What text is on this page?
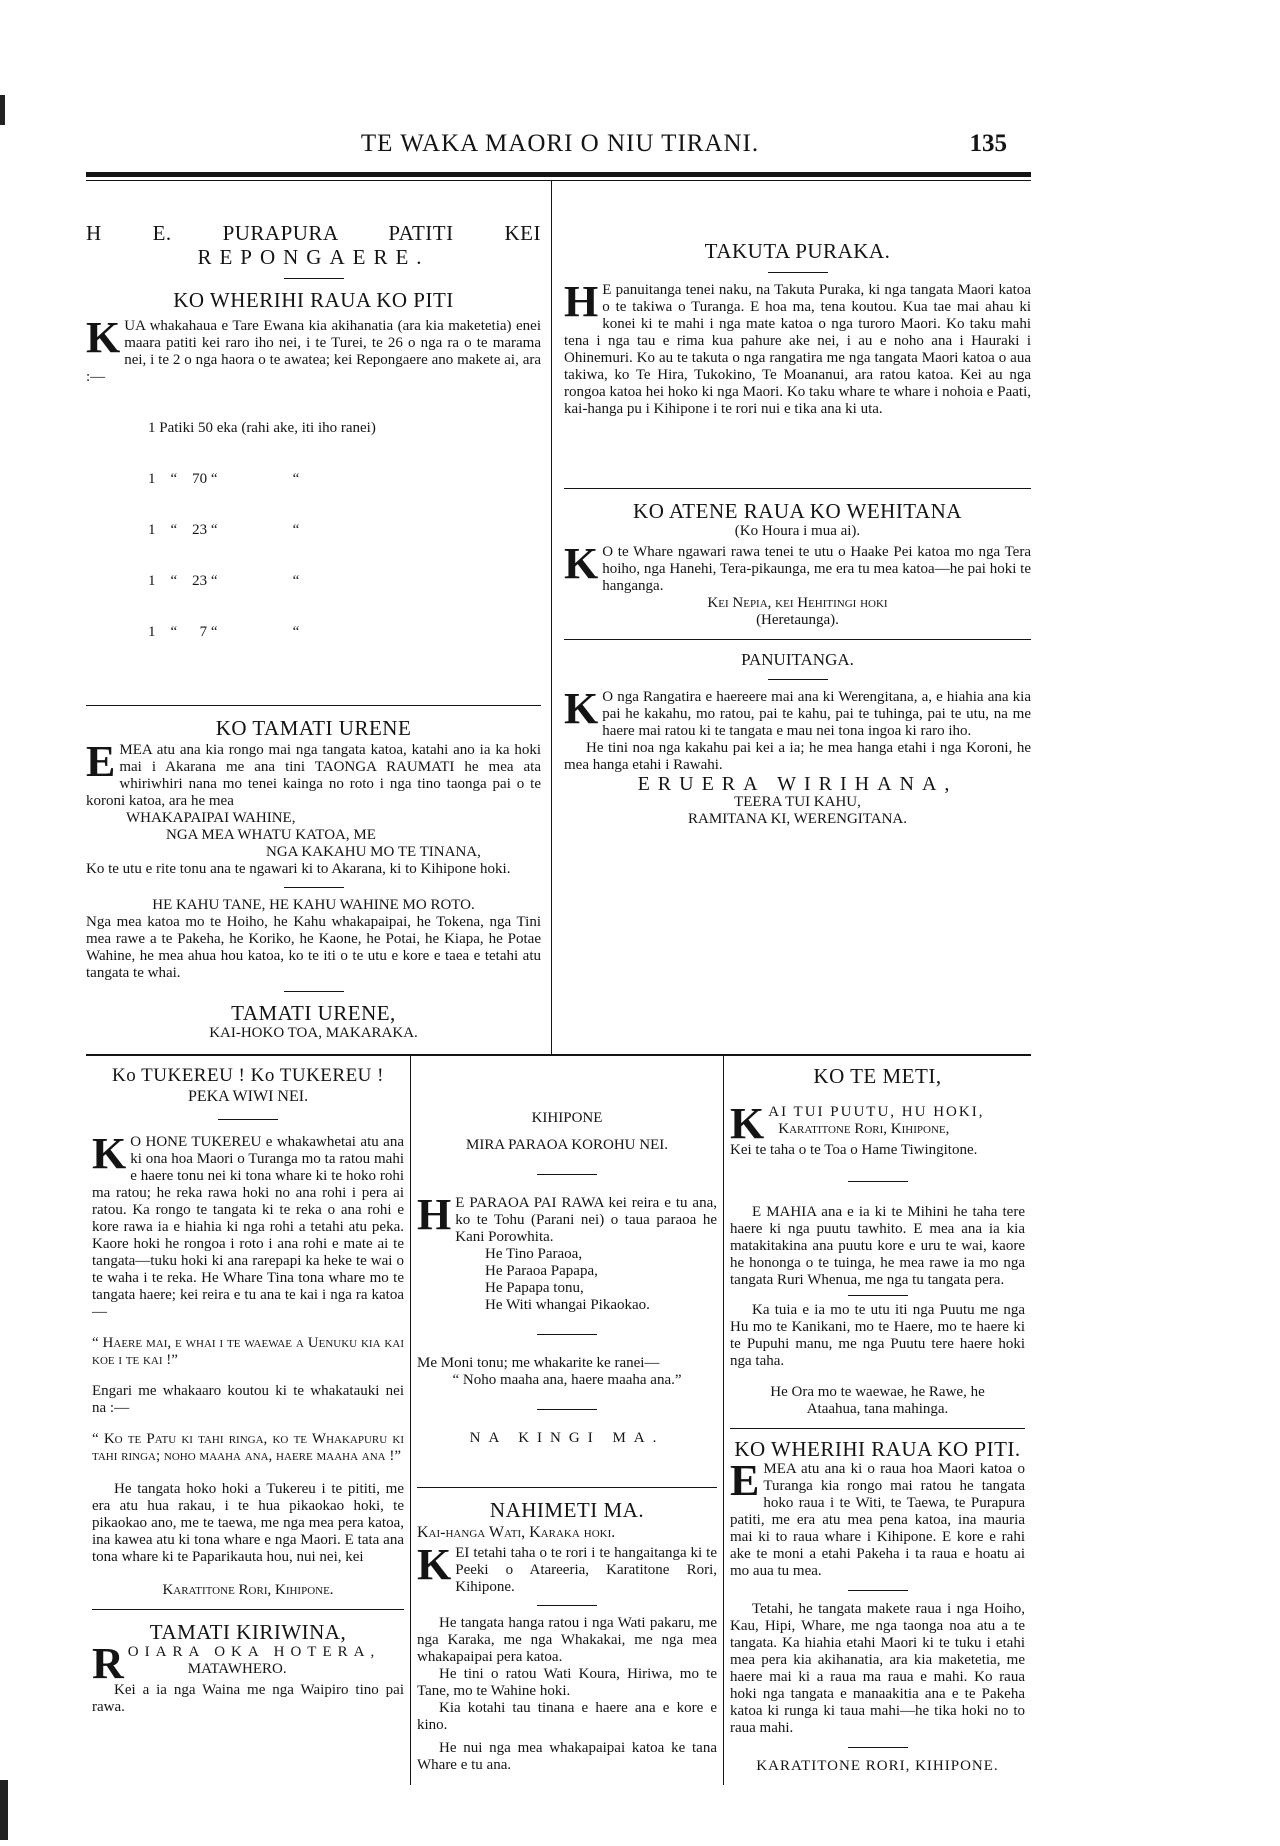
TE WAKA MAORI O NIU TIRANI.	135
H E. PURAPURA PATITI KEI
REPONGAERE.
KO WHERIHI RAUA KO PITI

KUA whakahaua e Tare Ewana kia akihanatia (ara kia maketetia) enei maara patiti kei raro iho nei, i te Turei, te 26 o nga ra o te marama nei, i te 2 o nga haora o te awatea; kei Repongaere ano makete ai, ara :—

1 Patiki 50 eka (rahi ake, iti iho ranei)

1    “    70 “                    “

1    “    23 “                    “

1    “    23 “                    “

1    “      7 “                    “

KO TAMATI URENE

EMEA atu ana kia rongo mai nga tangata katoa, katahi ano ia ka hoki mai i Akarana me ana tini TAONGA RAUMATI he mea ata whiriwhiri nana mo tenei kainga no roto i nga tino taonga pai o te koroni katoa, ara he mea

WHAKAPAIPAI WAHINE,
NGA MEA WHATU KATOA, ME
NGA KAKAHU MO TE TINANA,

Ko te utu e rite tonu ana te ngawari ki to Akarana, ki to Kihipone hoki.

HE KAHU TANE, HE KAHU WAHINE MO ROTO.

Nga mea katoa mo te Hoiho, he Kahu whakapaipai, he Tokena, nga Tini mea rawe a te Pakeha, he Koriko, he Kaone, he Potai, he Kiapa, he Potae Wahine, he mea ahua hou katoa, ko te iti o te utu e kore e taea e tetahi atu tangata te whai.

TAMATI URENE,
KAI-HOKO TOA, MAKARAKA.
TAKUTA PURAKA.

H E panuitanga tenei naku, na Takuta Puraka, ki nga tangata Maori katoa o te takiwa o Turanga. E hoa ma, tena koutou. Kua tae mai ahau ki konei ki te mahi i nga mate katoa o nga turoro Maori. Ko taku mahi tena i nga tau e rima kua pahure ake nei, i au e noho ana i Hauraki i Ohinemuri. Ko au te takuta o nga rangatira me nga tangata Maori katoa o aua takiwa, ko Te Hira, Tukokino, Te Moananui, ara ratou katoa. Kei au nga rongoa katoa hei hoko ki nga Maori. Ko taku whare te whare i nohoia e Paati, kai-hanga pu i Kihipone i te rori nui e tika ana ki uta.

KO ATENE RAUA KO WEHITANA
(Ko Houra i mua ai).

K O te Whare ngawari rawa tenei te utu o Haake Pei katoa mo nga Tera hoiho, nga Hanehi, Tera-pikaunga, me era tu mea katoa—he pai hoki te hanganga.

Kei Nepia, kei Hehitingi hoki
(Heretaunga).
PANUITANGA.

K O nga Rangatira e haereere mai ana ki Werengitana, a, e hiahia ana kia pai he kakahu, mo ratou, pai te kahu, pai te tuhinga, pai te utu, na me haere mai ratou ki te tangata e mau nei tona ingoa ki raro iho.

He tini noa nga kakahu pai kei a ia; he mea hanga etahi i nga Koroni, he mea hanga etahi i Rawahi.

ERUERA WIRIHANA,
TEERA TUI KAHU,
RAMITANA KI, WERENGITANA.
Ko TUKEREU ! Ko TUKEREU !
PEKA WIWI NEI.

K O HONE TUKEREU e whakawhetai atu ana ki ona hoa Maori o Turanga mo ta ratou mahi e haere tonu nei ki tona whare ki te hoko rohi ma ratou; he reka rawa hoki no ana rohi i pera ai ratou. Ka rongo te tangata ki te reka o ana rohi e kore rawa ia e hiahia ki nga rohi a tetahi atu peka. Kaore hoki he rongoa i roto i ana rohi e mate ai te tangata—tuku hoki ki ana rarepapi ka heke te wai o te waha i te reka. He Whare Tina tona whare mo te tangata haere; kei reira e tu ana te kai i nga ra katoa—

“ Haere mai, e whai i te waewae a Uenuku kia kai koe i te kai !”

Engari me whakaaro koutou ki te whakatauki nei na :—

“ Ko te Patu ki tahi ringa, ko te Whakapuru ki tahi ringa; noho maaha ana, haere maaha ana !”

He tangata hoko hoki a Tukereu i te pititi, me era atu hua rakau, i te hua pikaokao hoki, te pikaokao ano, me te taewa, me nga mea pera katoa, ina kawea atu ki tona whare e nga Maori. E tata ana tona whare ki te Paparikauta hou, nui nei, kei

Karatitone Rori, Kihipone.
TAMATI KIRIWINA,

ROIARA OKA HOTERA,
MATAWHERO.

Kei a ia nga Waina me nga Waipiro tino pai rawa.

KIHIPONE
MIRA PARAOA KOROHU NEI.

H E PARAOA PAI RAWA kei reira e tu ana, ko te Tohu (Parani nei) o taua paraoa he Kani Porowhita.

He Tino Paraoa,
He Paraoa Papapa,
He Papapa tonu,
He Witi whangai Pikaokao.

Me Moni tonu; me whakarite ke ranei—

“ Noho maaha ana, haere maaha ana.”
NA KINGI MA.
NAHIMETI MA.
Kai-hanga Wati, Karaka hoki.

KEI tetahi taha o te rori i te hangaitanga ki te Peeki o Atareeria, Karatitone Rori, Kihipone.

He tangata hanga ratou i nga Wati pakaru, me nga Karaka, me nga Whakakai, me nga mea whakapaipai pera katoa.

He tini o ratou Wati Koura, Hiriwa, mo te Tane, mo te Wahine hoki.

Kia kotahi tau tinana e haere ana e kore e kino.

He nui nga mea whakapaipai katoa ke tana Whare e tu ana.

KO TE METI,

KAI TUI PUUTU, HU HOKI,
Karatitone Rori, Kihipone,

Kei te taha o te Toa o Hame Tiwingitone.

E MAHIA ana e ia ki te Mihini he taha tere haere ki nga puutu tawhito. E mea ana ia kia matakitakina ana puutu kore e uru te wai, kaore he hononga o te tuinga, he mea rawe ia mo nga tangata Ruri Whenua, me nga tu tangata pera.

Ka tuia e ia mo te utu iti nga Puutu me nga Hu mo te Kanikani, mo te Haere, mo te haere ki te Pupuhi manu, me nga Puutu tere haere hoki nga taha.

He Ora mo te waewae, he Rawe, he Ataahua, tana mahinga.

KO WHERIHI RAUA KO PITI.

EMEA atu ana ki o raua hoa Maori katoa o Turanga kia rongo mai ratou he tangata hoko raua i te Witi, te Taewa, te Purapura patiti, me era atu mea pena katoa, ina mauria mai ki to raua whare i Kihipone. E kore e rahi ake te moni a etahi Pakeha i ta raua e hoatu ai mo aua tu mea.

Tetahi, he tangata makete raua i nga Hoiho, Kau, Hipi, Whare, me nga taonga noa atu a te tangata. Ka hiahia etahi Maori ki te tuku i etahi mea pera kia akihanatia, ara kia maketetia, me haere mai ki a raua ma raua e mahi. Ko raua hoki nga tangata e manaakitia ana e te Pakeha katoa ki runga ki taua mahi—he tika hoki no to raua mahi.

KARATITONE RORI, KIHIPONE.
